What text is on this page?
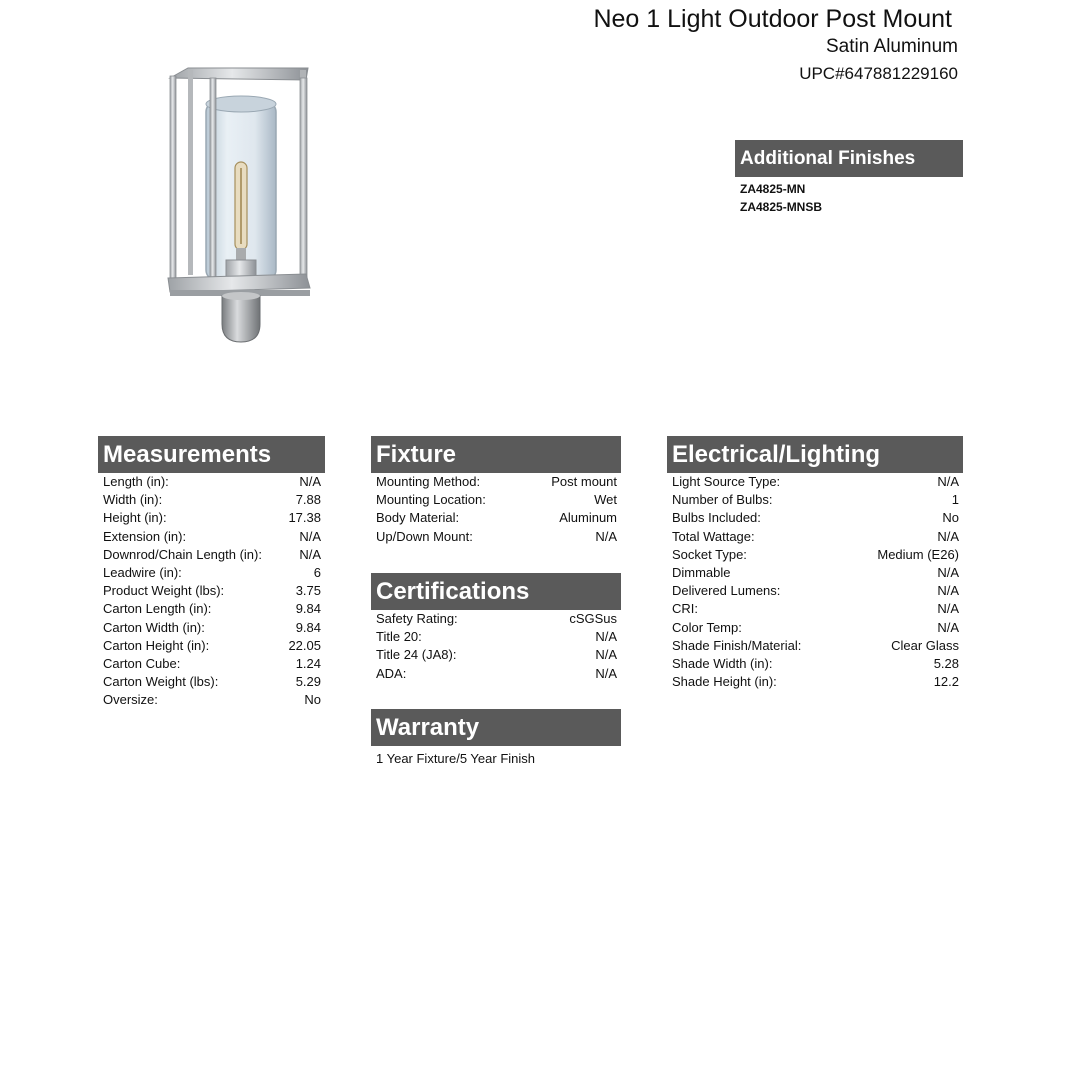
Neo 1 Light Outdoor Post Mount
Satin Aluminum
UPC#647881229160
Additional Finishes
ZA4825-MN
ZA4825-MNSB
Measurements
Length (in):	N/A
Width (in):	7.88
Height (in):	17.38
Extension (in):	N/A
Downrod/Chain Length (in):	N/A
Leadwire (in):	6
Product Weight (lbs):	3.75
Carton Length (in):	9.84
Carton Width (in):	9.84
Carton Height (in):	22.05
Carton Cube:	1.24
Carton Weight (lbs):	5.29
Oversize:	No
Fixture
Mounting Method:	Post mount
Mounting Location:	Wet
Body Material:	Aluminum
Up/Down Mount:	N/A
Certifications
Safety Rating:	cSGSus
Title 20:	N/A
Title 24 (JA8):	N/A
ADA:	N/A
Warranty
1 Year Fixture/5 Year Finish
Electrical/Lighting
Light Source Type:	N/A
Number of Bulbs:	1
Bulbs Included:	No
Total Wattage:	N/A
Socket Type:	Medium (E26)
Dimmable	N/A
Delivered Lumens:	N/A
CRI:	N/A
Color Temp:	N/A
Shade Finish/Material:	Clear Glass
Shade Width (in):	5.28
Shade Height (in):	12.2
